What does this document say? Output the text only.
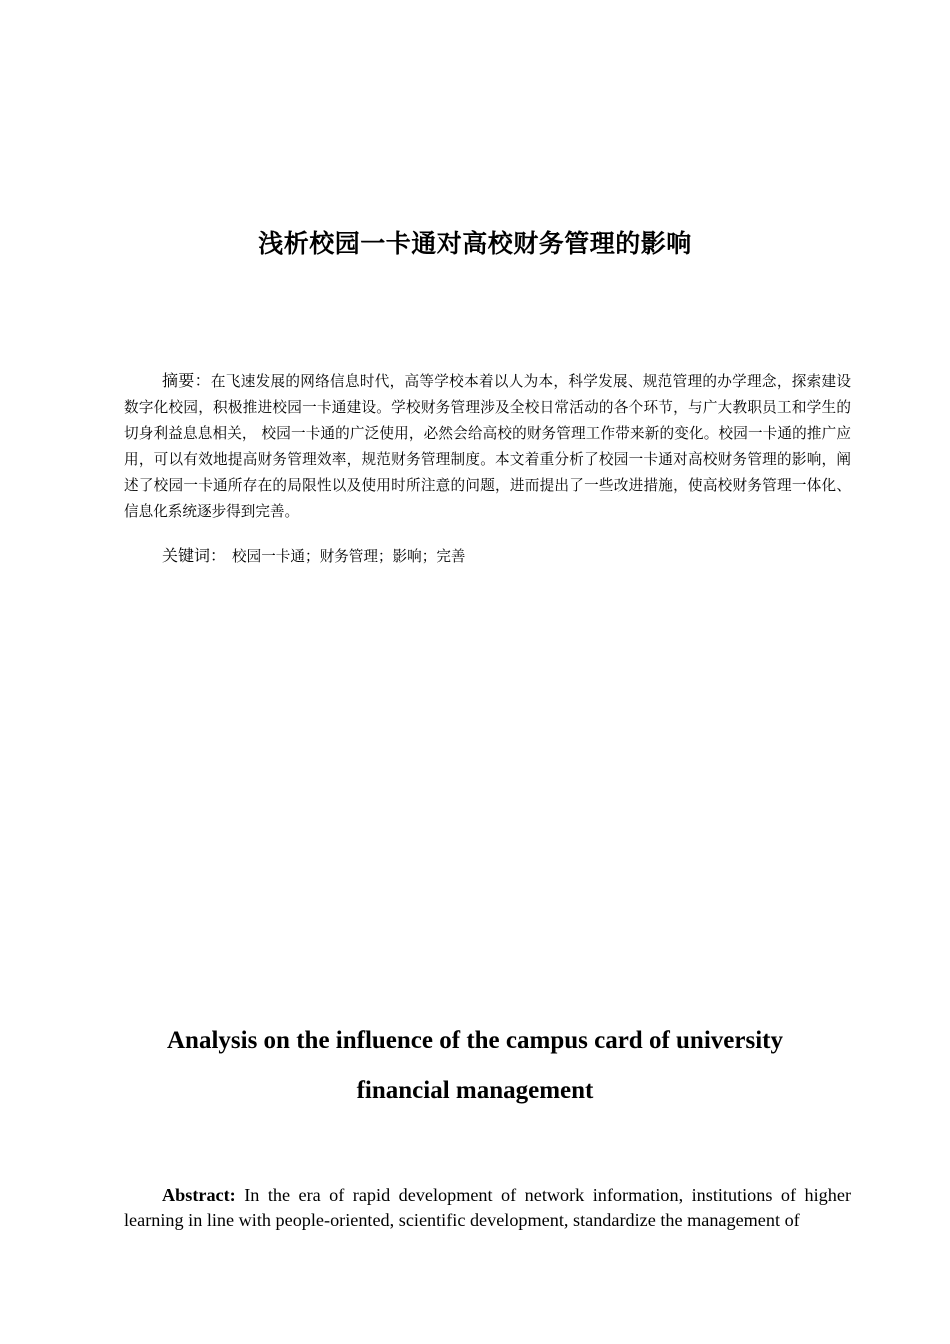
浅析校园一卡通对高校财务管理的影响

摘要：在飞速发展的网络信息时代，高等学校本着以人为本，科学发展、规范管理的办学理念，探索建设数字化校园，积极推进校园一卡通建设。学校财务管理涉及全校日常活动的各个环节，与广大教职员工和学生的切身利益息息相关， 校园一卡通的广泛使用，必然会给高校的财务管理工作带来新的变化。校园一卡通的推广应用，可以有效地提高财务管理效率，规范财务管理制度。本文着重分析了校园一卡通对高校财务管理的影响，阐述了校园一卡通所存在的局限性以及使用时所注意的问题，进而提出了一些改进措施，使高校财务管理一体化、信息化系统逐步得到完善。

关键词： 校园一卡通；财务管理；影响；完善

Analysis on the influence of the campus card of university
financial management

Abstract: In the era of rapid development of network information, institutions of higher learning in line with people-oriented, scientific development, standardize the management of
